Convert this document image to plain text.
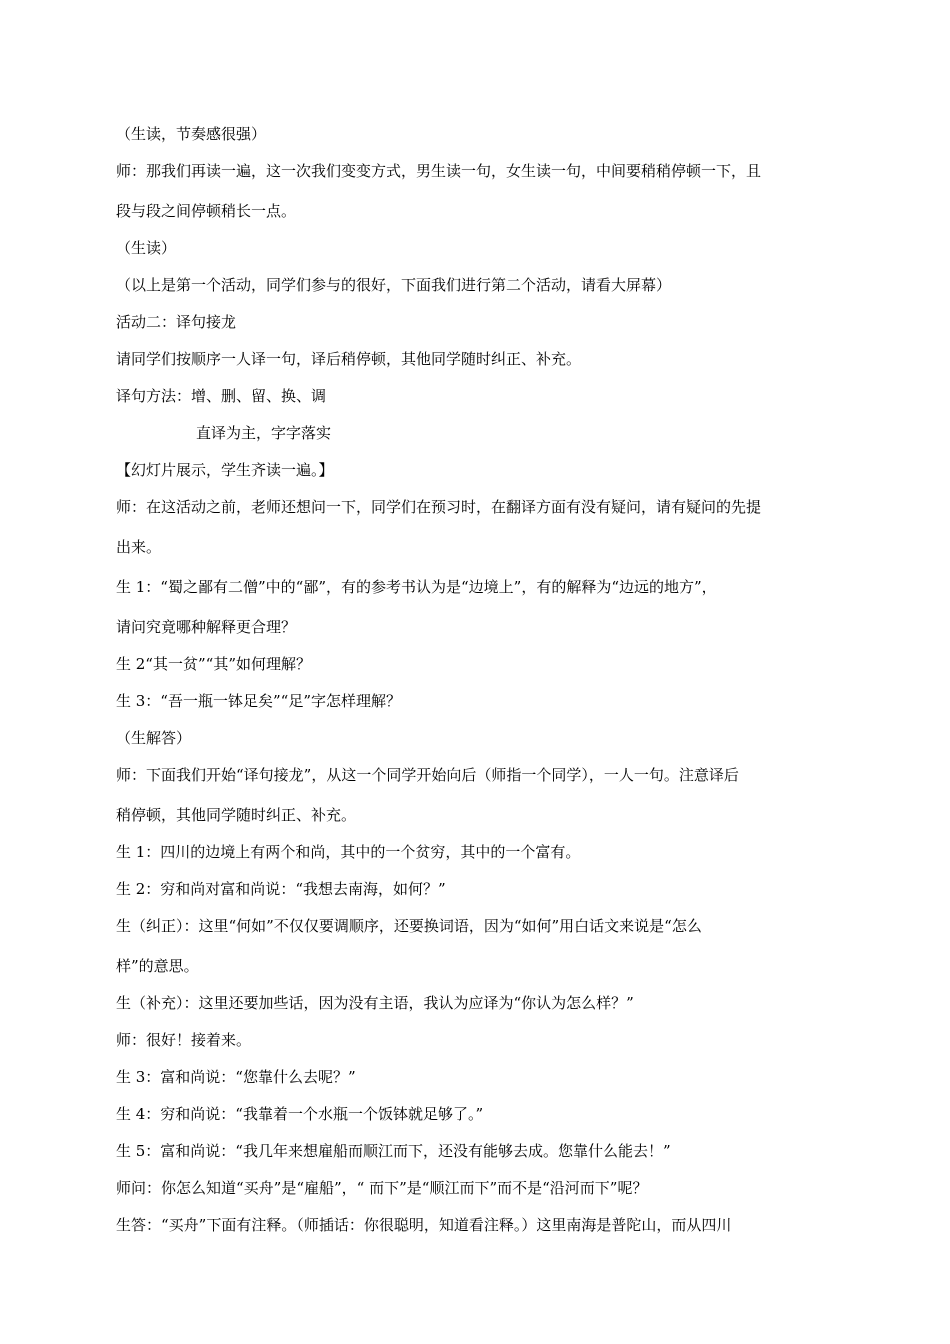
（生读，节奏感很强）

师：那我们再读一遍，这一次我们变变方式，男生读一句，女生读一句，中间要稍稍停顿一下，且

段与段之间停顿稍长一点。

（生读）

（以上是第一个活动，同学们参与的很好，下面我们进行第二个活动，请看大屏幕）

活动二：译句接龙

请同学们按顺序一人译一句，译后稍停顿，其他同学随时纠正、补充。

译句方法：增、删、留、换、调

直译为主，字字落实

【幻灯片展示，学生齐读一遍。】

师：在这活动之前，老师还想问一下，同学们在预习时，在翻译方面有没有疑问，请有疑问的先提

出来。

生 1：“蜀之鄙有二僧”中的“鄙”，有的参考书认为是“边境上”，有的解释为“边远的地方”，

请问究竟哪种解释更合理？

生 2“其一贫”“其”如何理解？

生 3：“吾一瓶一钵足矣”“足”字怎样理解？

（生解答）

师：下面我们开始“译句接龙”，从这一个同学开始向后（师指一个同学），一人一句。注意译后

稍停顿，其他同学随时纠正、补充。

生 1：四川的边境上有两个和尚，其中的一个贫穷，其中的一个富有。

生 2：穷和尚对富和尚说：“我想去南海，如何？”

生（纠正）：这里“何如”不仅仅要调顺序，还要换词语，因为“如何”用白话文来说是“怎么

样”的意思。

生（补充）：这里还要加些话，因为没有主语，我认为应译为“你认为怎么样？”

师：很好！接着来。

生 3：富和尚说：“您靠什么去呢？”

生 4：穷和尚说：“我靠着一个水瓶一个饭钵就足够了。”

生 5：富和尚说：“我几年来想雇船而顺江而下，还没有能够去成。您靠什么能去！”

师问：你怎么知道“买舟”是“雇船”，“ 而下”是“顺江而下”而不是“沿河而下”呢？

生答：“买舟”下面有注释。（师插话：你很聪明，知道看注释。）这里南海是普陀山，而从四川
